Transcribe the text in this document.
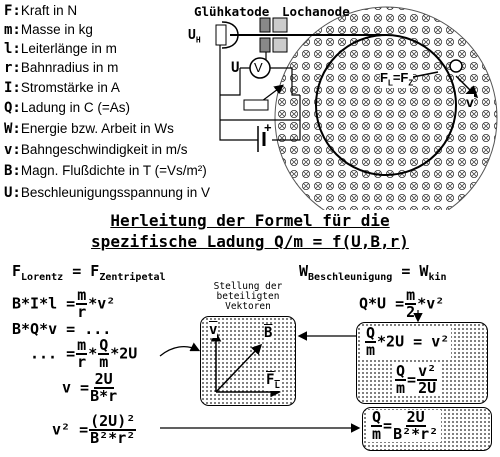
F:Kraft in N
m:Masse in kg
l:Leiterlänge in m
r:Bahnradius in m
I:Stromstärke in A
Q:Ladung in C (=As)
W:Energie bzw. Arbeit in Ws
v:Bahngeschwindigkeit in m/s
B:Magn. Flußdichte in T (=Vs/m²)
U:Beschleunigungsspannung in V
Glühkatode Lochanode
$U_H$
U V
+
$F_L=F_Z$
v
Herleitung der Formel für die
spezifische Ladung Q/m = f(U,B,r)
$F_{Lorentz} = F_{Zentripetal}$
$B*I*l = \frac{m}{r} *v^2$
B*Q*v = ...
... = $\frac{m}{r} * \frac{Q}{m} *2U$
$v = \frac{2U}{B*r}$
$v^2 = \frac{\text{(2U)²}}{\text{B²*r²}}$
$W_{Beschleunigung} = W_{kin}$
$Q*U = \frac{m}{2} *v^2$
$\frac{Q}{m} *2U = v^2$
$\frac{Q}{m} = \frac{\text{v²}}{2U}$
$\frac{Q}{m} = \frac{2U}{\text{B²*r²}}$
Stellung der beteiligten Vektoren
$\overline{v}$	$\overline{B}$
$F_L$
